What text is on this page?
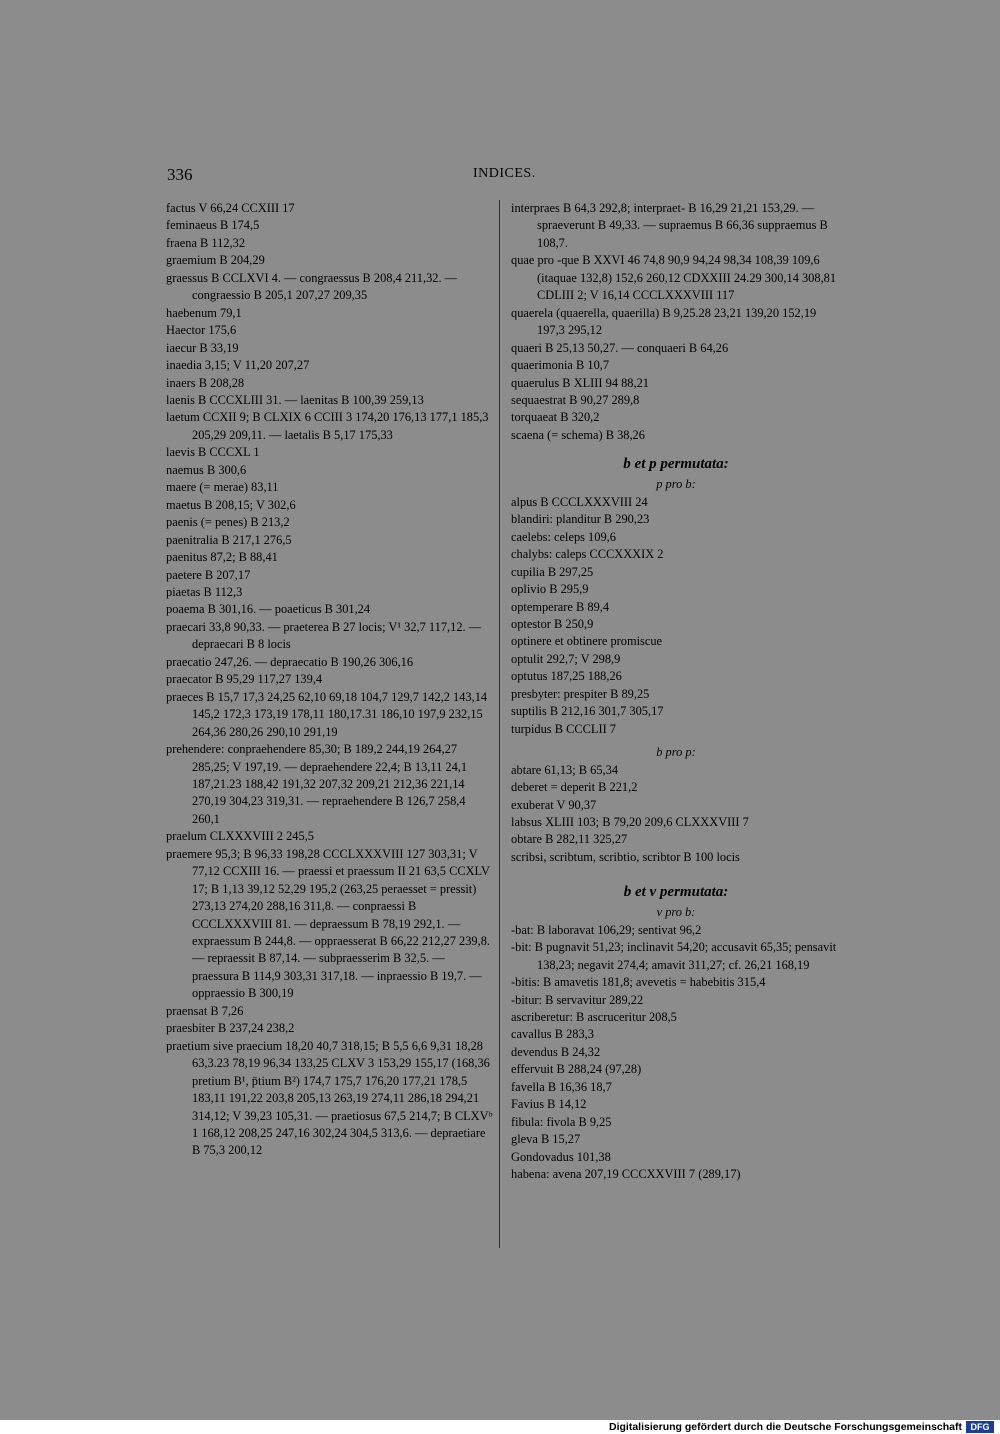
336	INDICES.
factus V 66,24 CCXIII 17
feminaeus B 174,5
fraena B 112,32
graemium B 204,29
graessus B CCLXVI 4. — congraessus B 208,4 211,32. — congraessio B 205,1 207,27 209,35
haebenum 79,1
Haector 175,6
iaecur B 33,19
inaedia 3,15; V 11,20 207,27
inaers B 208,28
laenis B CCCXLIII 31. — laenitas B 100,39 259,13
laetum CCXII 9; B CLXIX 6 CCIII 3 174,20 176,13 177,1 185,3 205,29 209,11. — laetalis B 5,17 175,33
laevis B CCCXL 1
naemus B 300,6
maere (= merae) 83,11
maetus B 208,15; V 302,6
paenis (= penes) B 213,2
paenitralia B 217,1 276,5
paenitus 87,2; B 88,41
paetere B 207,17
piaetas B 112,3
poaema B 301,16. — poaeticus B 301,24
praecari 33,8 90,33. — praeterea B 27 locis; V¹ 32,7 117,12. — depraecari B 8 locis
praecatio 247,26. — depraecatio B 190,26 306,16
praecator B 95,29 117,27 139,4
praeces B 15,7 17,3 24,25 62,10 69,18 104,7 129,7 142,2 143,14 145,2 172,3 173,19 178,11 180,17.31 186,10 197,9 232,15 264,36 280,26 290,10 291,19
prehendere: conpraehendere 85,30; B 189,2 244,19 264,27 285,25; V 197,19. — depraehendere 22,4; B 13,11 24,1 187,21.23 188,42 191,32 207,32 209,21 212,36 221,14 270,19 304,23 319,31. — repraehendere B 126,7 258,4 260,1
praelum CLXXXVIII 2 245,5
praemere 95,3; B 96,33 198,28 CCCLXXXVIII 127 303,31; V 77,12 CCXIII 16. — praessi et praessum II 21 63,5 CCXLV 17; B 1,13 39,12 52,29 195,2 (263,25 peraesset = pressit) 273,13 274,20 288,16 311,8. — conpraessi B CCCLXXXVIII 81. — depraessum B 78,19 292,1. — expraessum B 244,8. — oppraesserat B 66,22 212,27 239,8. — repraessit B 87,14. — subpraesserim B 32,5. — praessura B 114,9 303,31 317,18. — inpraessio B 19,7. — oppraessio B 300,19
praensat B 7,26
praesbiter B 237,24 238,2
praetium sive praecium 18,20 40,7 318,15; B 5,5 6,6 9,31 18,28 63,3.23 78,19 96,34 133,25 CLXV 3 153,29 155,17 (168,36 pretium B¹, p̄tium B²) 174,7 175,7 176,20 177,21 178,5 183,11 191,22 203,8 205,13 263,19 274,11 286,18 294,21 314,12; V 39,23 105,31. — praetiosus 67,5 214,7; B CLXVᵇ 1 168,12 208,25 247,16 302,24 304,5 313,6. — depraetiare B 75,3 200,12
interpraes B 64,3 292,8; interpraet- B 16,29 21,21 153,29. — spraeverunt B 49,33. — supraemus B 66,36 suppraemus B 108,7.
quae pro -que B XXVI 46 74,8 90,9 94,24 98,34 108,39 109,6 (itaquae 132,8) 152,6 260,12 CDXXIII 24.29 300,14 308,81 CDLIII 2; V 16,14 CCCLXXXVIII 117
quaerela (quaerella, quaerilla) B 9,25.28 23,21 139,20 152,19 197,3 295,12
quaeri B 25,13 50,27. — conquaeri B 64,26
quaerimonia B 10,7
quaerulus B XLIII 94 88,21
sequaestrat B 90,27 289,8
torquaeat B 320,2
scaena (= schema) B 38,26
b et p permutata:
p pro b:
alpus B CCCLXXXVIII 24
blandiri: planditur B 290,23
caelebs: celeps 109,6
chalybs: caleps CCCXXXIX 2
cupilia B 297,25
oplivio B 295,9
optemperare B 89,4
optestor B 250,9
optinere et obtinere promiscue
optulit 292,7; V 298,9
optutus 187,25 188,26
presbyter: prespiter B 89,25
suptilis B 212,16 301,7 305,17
turpidus B CCCLII 7
b pro p:
abtare 61,13; B 65,34
deberet = deperit B 221,2
exuberat V 90,37
labsus XLIII 103; B 79,20 209,6 CLXXXVIII 7
obtare B 282,11 325,27
scribsi, scribtum, scribtio, scribtor B 100 locis
b et v permutata:
v pro b:
-bat: B laboravat 106,29; sentivat 96,2
-bit: B pugnavit 51,23; inclinavit 54,20; accusavit 65,35; pensavit 138,23; negavit 274,4; amavit 311,27; cf. 26,21 168,19
-bitis: B amavetis 181,8; avevetis = habebitis 315,4
-bitur: B servavitur 289,22
ascriberetur: B ascruceritur 208,5
cavallus B 283,3
devendus B 24,32
effervuit B 288,24 (97,28)
favella B 16,36 18,7
Favius B 14,12
fibula: fivola B 9,25
gleva B 15,27
Gondovadus 101,38
habena: avena 207,19 CCCXXVIII 7 (289,17)
Digitalisierung gefördert durch die Deutsche Forschungsgemeinschaft DFG
